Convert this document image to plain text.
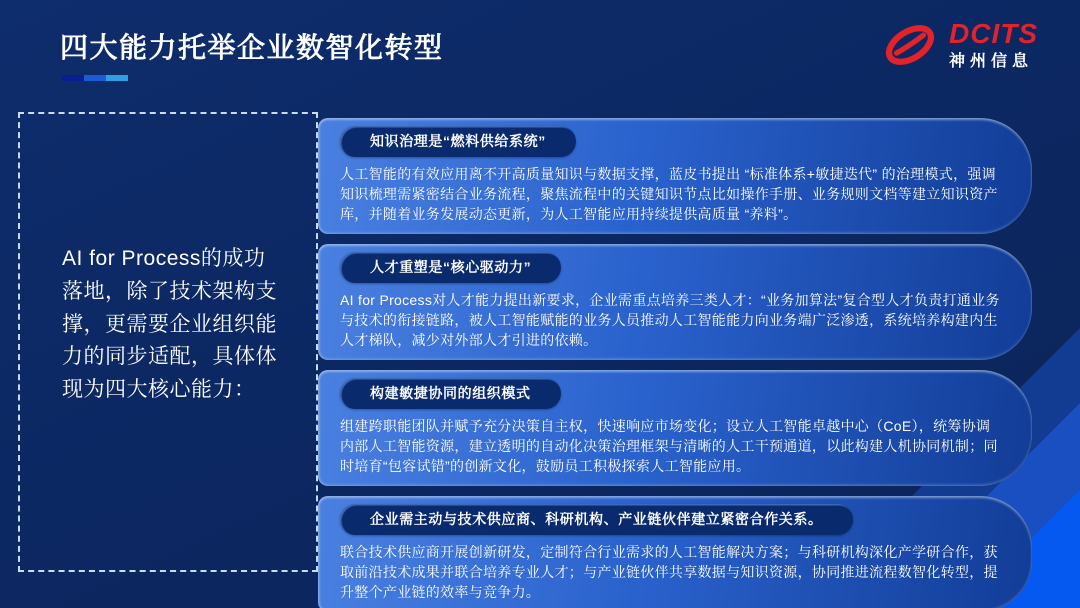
四大能力托举企业数智化转型	DCITS
神州信息

AI for Process的成功落地，除了技术架构支撑，更需要企业组织能力的同步适配，具体体现为四大核心能力：

知识治理是“燃料供给系统”

人工智能的有效应用离不开高质量知识与数据支撑，蓝皮书提出 “标准体系+敏捷迭代” 的治理模式，强调知识梳理需紧密结合业务流程，聚焦流程中的关键知识节点比如操作手册、业务规则文档等建立知识资产库，并随着业务发展动态更新，为人工智能应用持续提供高质量 “养料”。

人才重塑是“核心驱动力”

AI for Process对人才能力提出新要求，企业需重点培养三类人才：“业务加算法”复合型人才负责打通业务与技术的衔接链路，被人工智能赋能的业务人员推动人工智能能力向业务端广泛渗透，系统培养构建内生人才梯队，减少对外部人才引进的依赖。

构建敏捷协同的组织模式

组建跨职能团队并赋予充分决策自主权，快速响应市场变化；设立人工智能卓越中心（CoE），统筹协调内部人工智能资源，建立透明的自动化决策治理框架与清晰的人工干预通道，以此构建人机协同机制；同时培育“包容试错”的创新文化，鼓励员工积极探索人工智能应用。

企业需主动与技术供应商、科研机构、产业链伙伴建立紧密合作关系。

联合技术供应商开展创新研发，定制符合行业需求的人工智能解决方案；与科研机构深化产学研合作，获取前沿技术成果并联合培养专业人才；与产业链伙伴共享数据与知识资源，协同推进流程数智化转型，提升整个产业链的效率与竞争力。
